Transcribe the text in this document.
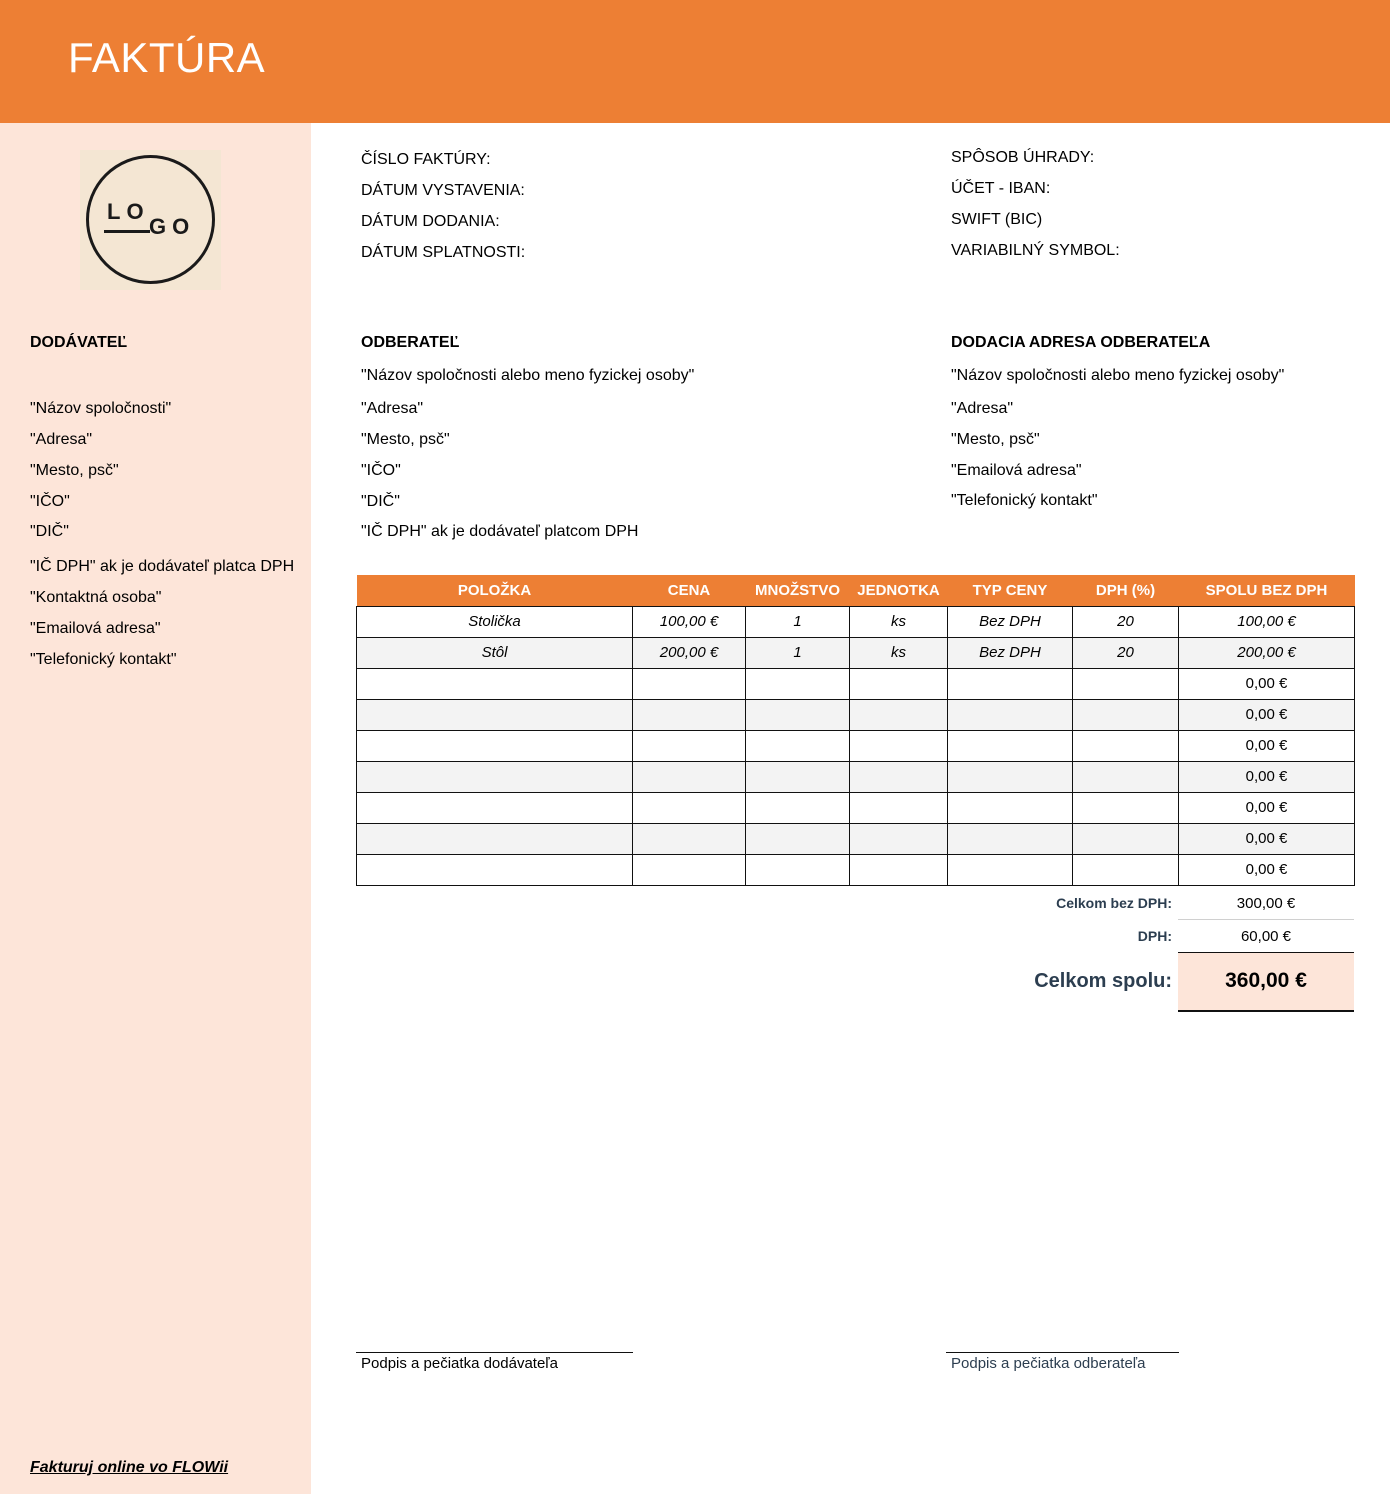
FAKTÚRA
LO
GO
ČÍSLO FAKTÚRY:
DÁTUM VYSTAVENIA:
DÁTUM DODANIA:
DÁTUM SPLATNOSTI:
SPÔSOB ÚHRADY:
ÚČET - IBAN:
SWIFT (BIC)
VARIABILNÝ SYMBOL:
DODÁVATEĽ
"Názov spoločnosti"
"Adresa"
"Mesto, psč"
"IČO"
"DIČ"
"IČ DPH" ak je dodávateľ platca DPH
"Kontaktná osoba"
"Emailová adresa"
"Telefonický kontakt"
ODBERATEĽ
"Názov spoločnosti alebo meno fyzickej osoby"
"Adresa"
"Mesto, psč"
"IČO"
"DIČ"
"IČ DPH" ak je dodávateľ platcom DPH
DODACIA ADRESA ODBERATEĽA
"Názov spoločnosti alebo meno fyzickej osoby"
"Adresa"
"Mesto, psč"
"Emailová adresa"
"Telefonický kontakt"
POLOŽKA	CENA	MNOŽSTVO	JEDNOTKA	TYP CENY	DPH (%)	SPOLU BEZ DPH
Stolička	100,00 €	1	ks	Bez DPH	20	100,00 €
Stôl	200,00 €	1	ks	Bez DPH	20	200,00 €
						0,00 €
						0,00 €
						0,00 €
						0,00 €
						0,00 €
						0,00 €
						0,00 €
Celkom bez DPH:	300,00 €
DPH:	60,00 €
Celkom spolu:	360,00 €
Podpis a pečiatka dodávateľa	Podpis a pečiatka odberateľa
Fakturuj online vo FLOWii
